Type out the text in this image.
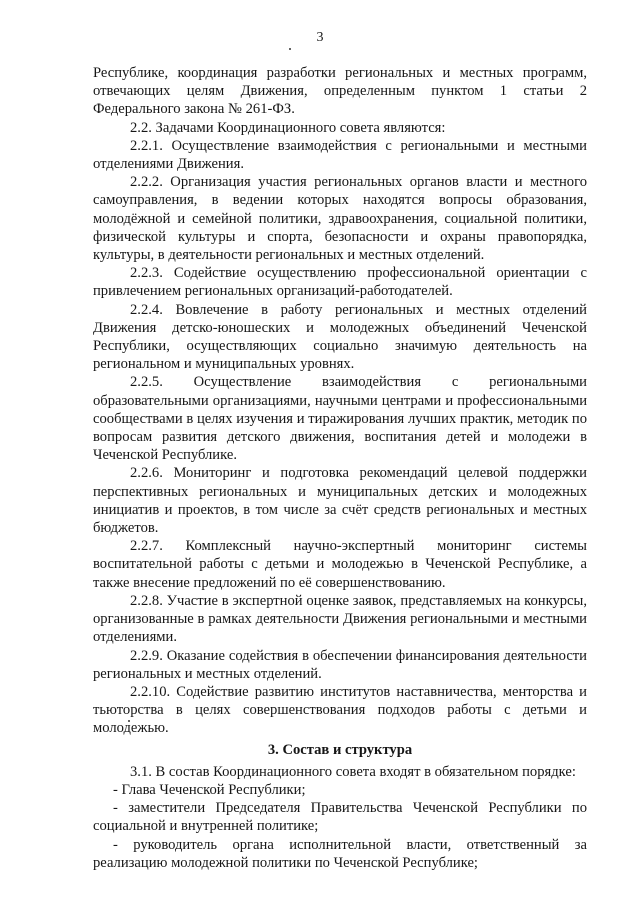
3

Республике, координация разработки региональных и местных программ, отвечающих целям Движения, определенным пунктом 1 статьи 2 Федерального закона № 261-ФЗ.

2.2. Задачами Координационного совета являются:

2.2.1. Осуществление взаимодействия с региональными и местными отделениями Движения.

2.2.2. Организация участия региональных органов власти и местного самоуправления, в ведении которых находятся вопросы образования, молодёжной и семейной политики, здравоохранения, социальной политики, физической культуры и спорта, безопасности и охраны правопорядка, культуры, в деятельности региональных и местных отделений.

2.2.3. Содействие осуществлению профессиональной ориентации с привлечением региональных организаций-работодателей.

2.2.4. Вовлечение в работу региональных и местных отделений Движения детско-юношеских и молодежных объединений Чеченской Республики, осуществляющих социально значимую деятельность на региональном и муниципальных уровнях.

2.2.5. Осуществление взаимодействия с региональными образовательными организациями, научными центрами и профессиональными сообществами в целях изучения и тиражирования лучших практик, методик по вопросам развития детского движения, воспитания детей и молодежи в Чеченской Республике.

2.2.6. Мониторинг и подготовка рекомендаций целевой поддержки перспективных региональных и муниципальных детских и молодежных инициатив и проектов, в том числе за счёт средств региональных и местных бюджетов.

2.2.7. Комплексный научно-экспертный мониторинг системы воспитательной работы с детьми и молодежью в Чеченской Республике, а также внесение предложений по её совершенствованию.

2.2.8. Участие в экспертной оценке заявок, представляемых на конкурсы, организованные в рамках деятельности Движения региональными и местными отделениями.

2.2.9. Оказание содействия в обеспечении финансирования деятельности региональных и местных отделений.

2.2.10. Содействие развитию институтов наставничества, менторства и тьюторства в целях совершенствования подходов работы с детьми и молодежью.

3. Состав и структура

3.1. В состав Координационного совета входят в обязательном порядке:

- Глава Чеченской Республики;

- заместители Председателя Правительства Чеченской Республики по социальной и внутренней политике;

- руководитель органа исполнительной власти, ответственный за реализацию молодежной политики по Чеченской Республике;
